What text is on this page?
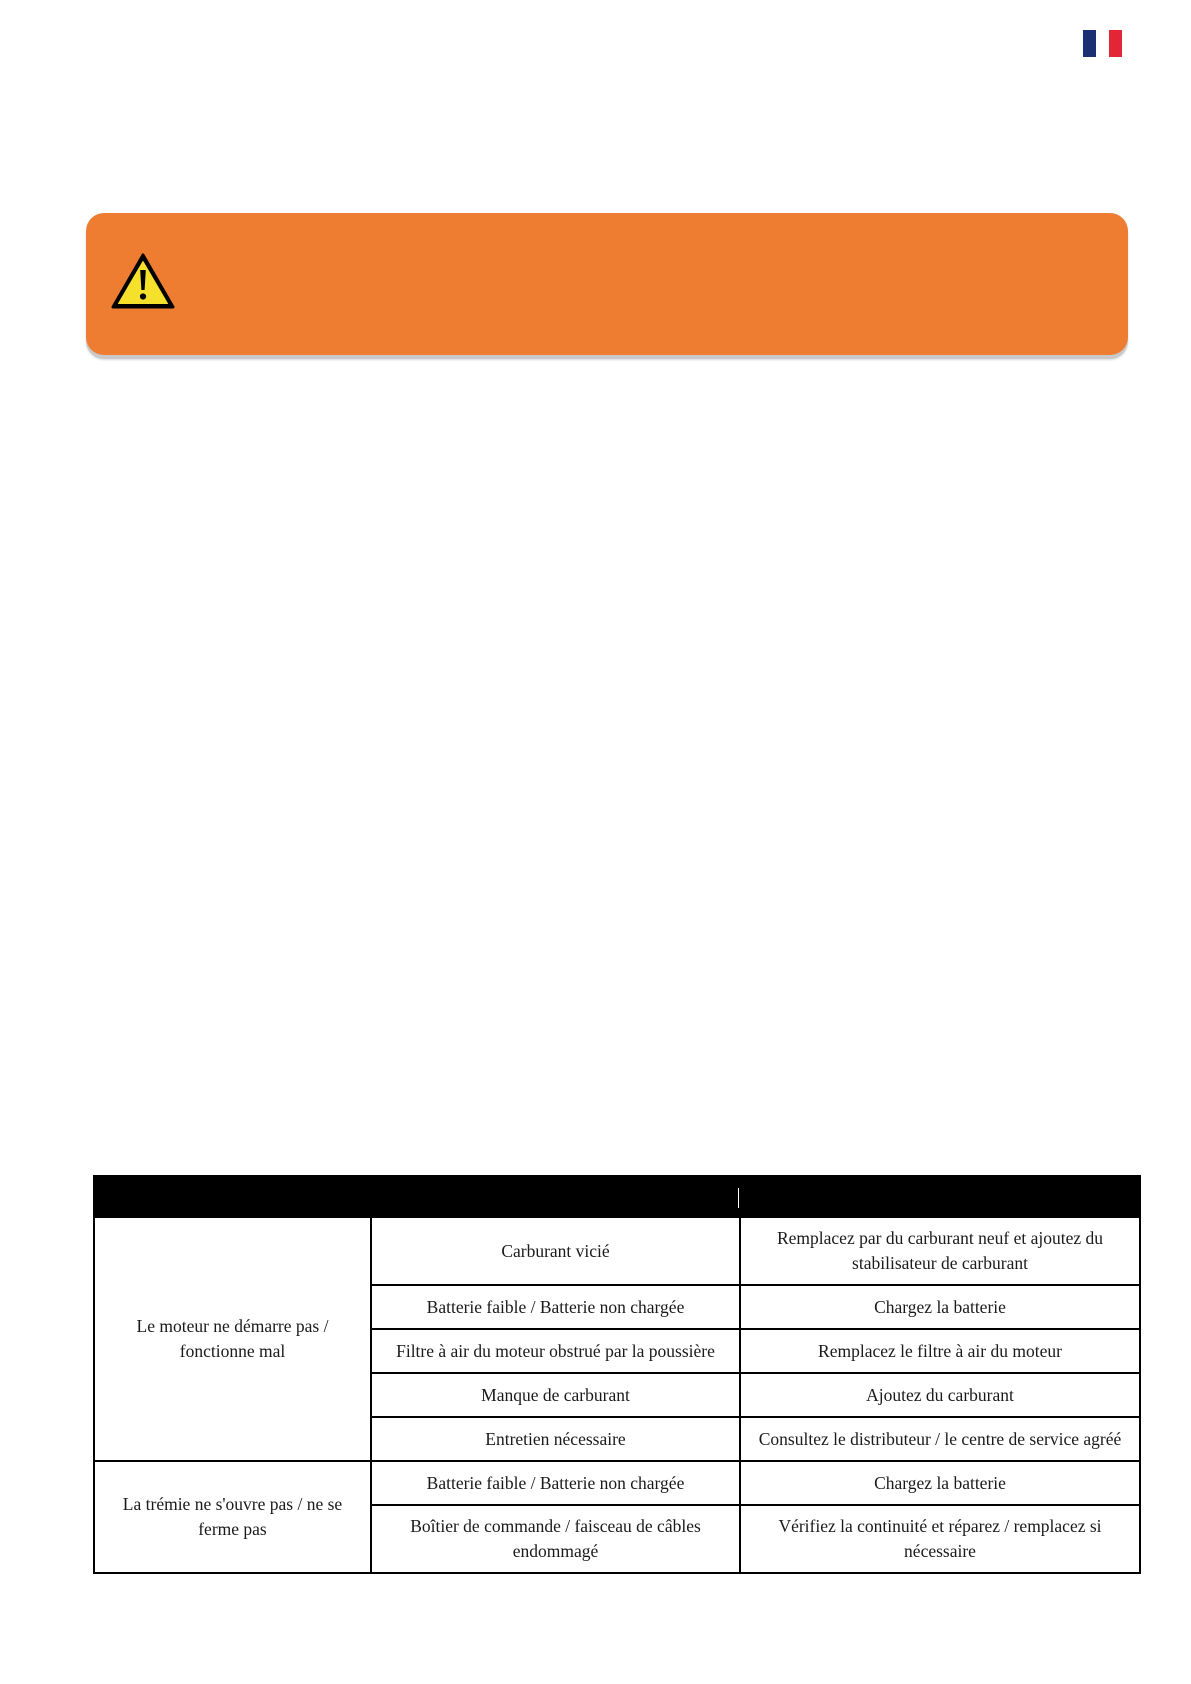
Le moteur ne démarre pas / fonctionne mal	Carburant vicié	Remplacez par du carburant neuf et ajoutez du stabilisateur de carburant
	Batterie faible / Batterie non chargée	Chargez la batterie
	Filtre à air du moteur obstrué par la poussière	Remplacez le filtre à air du moteur
	Manque de carburant	Ajoutez du carburant
	Entretien nécessaire	Consultez le distributeur / le centre de service agréé
La trémie ne s'ouvre pas / ne se ferme pas	Batterie faible / Batterie non chargée	Chargez la batterie
	Boîtier de commande / faisceau de câbles endommagé	Vérifiez la continuité et réparez / remplacez si nécessaire
